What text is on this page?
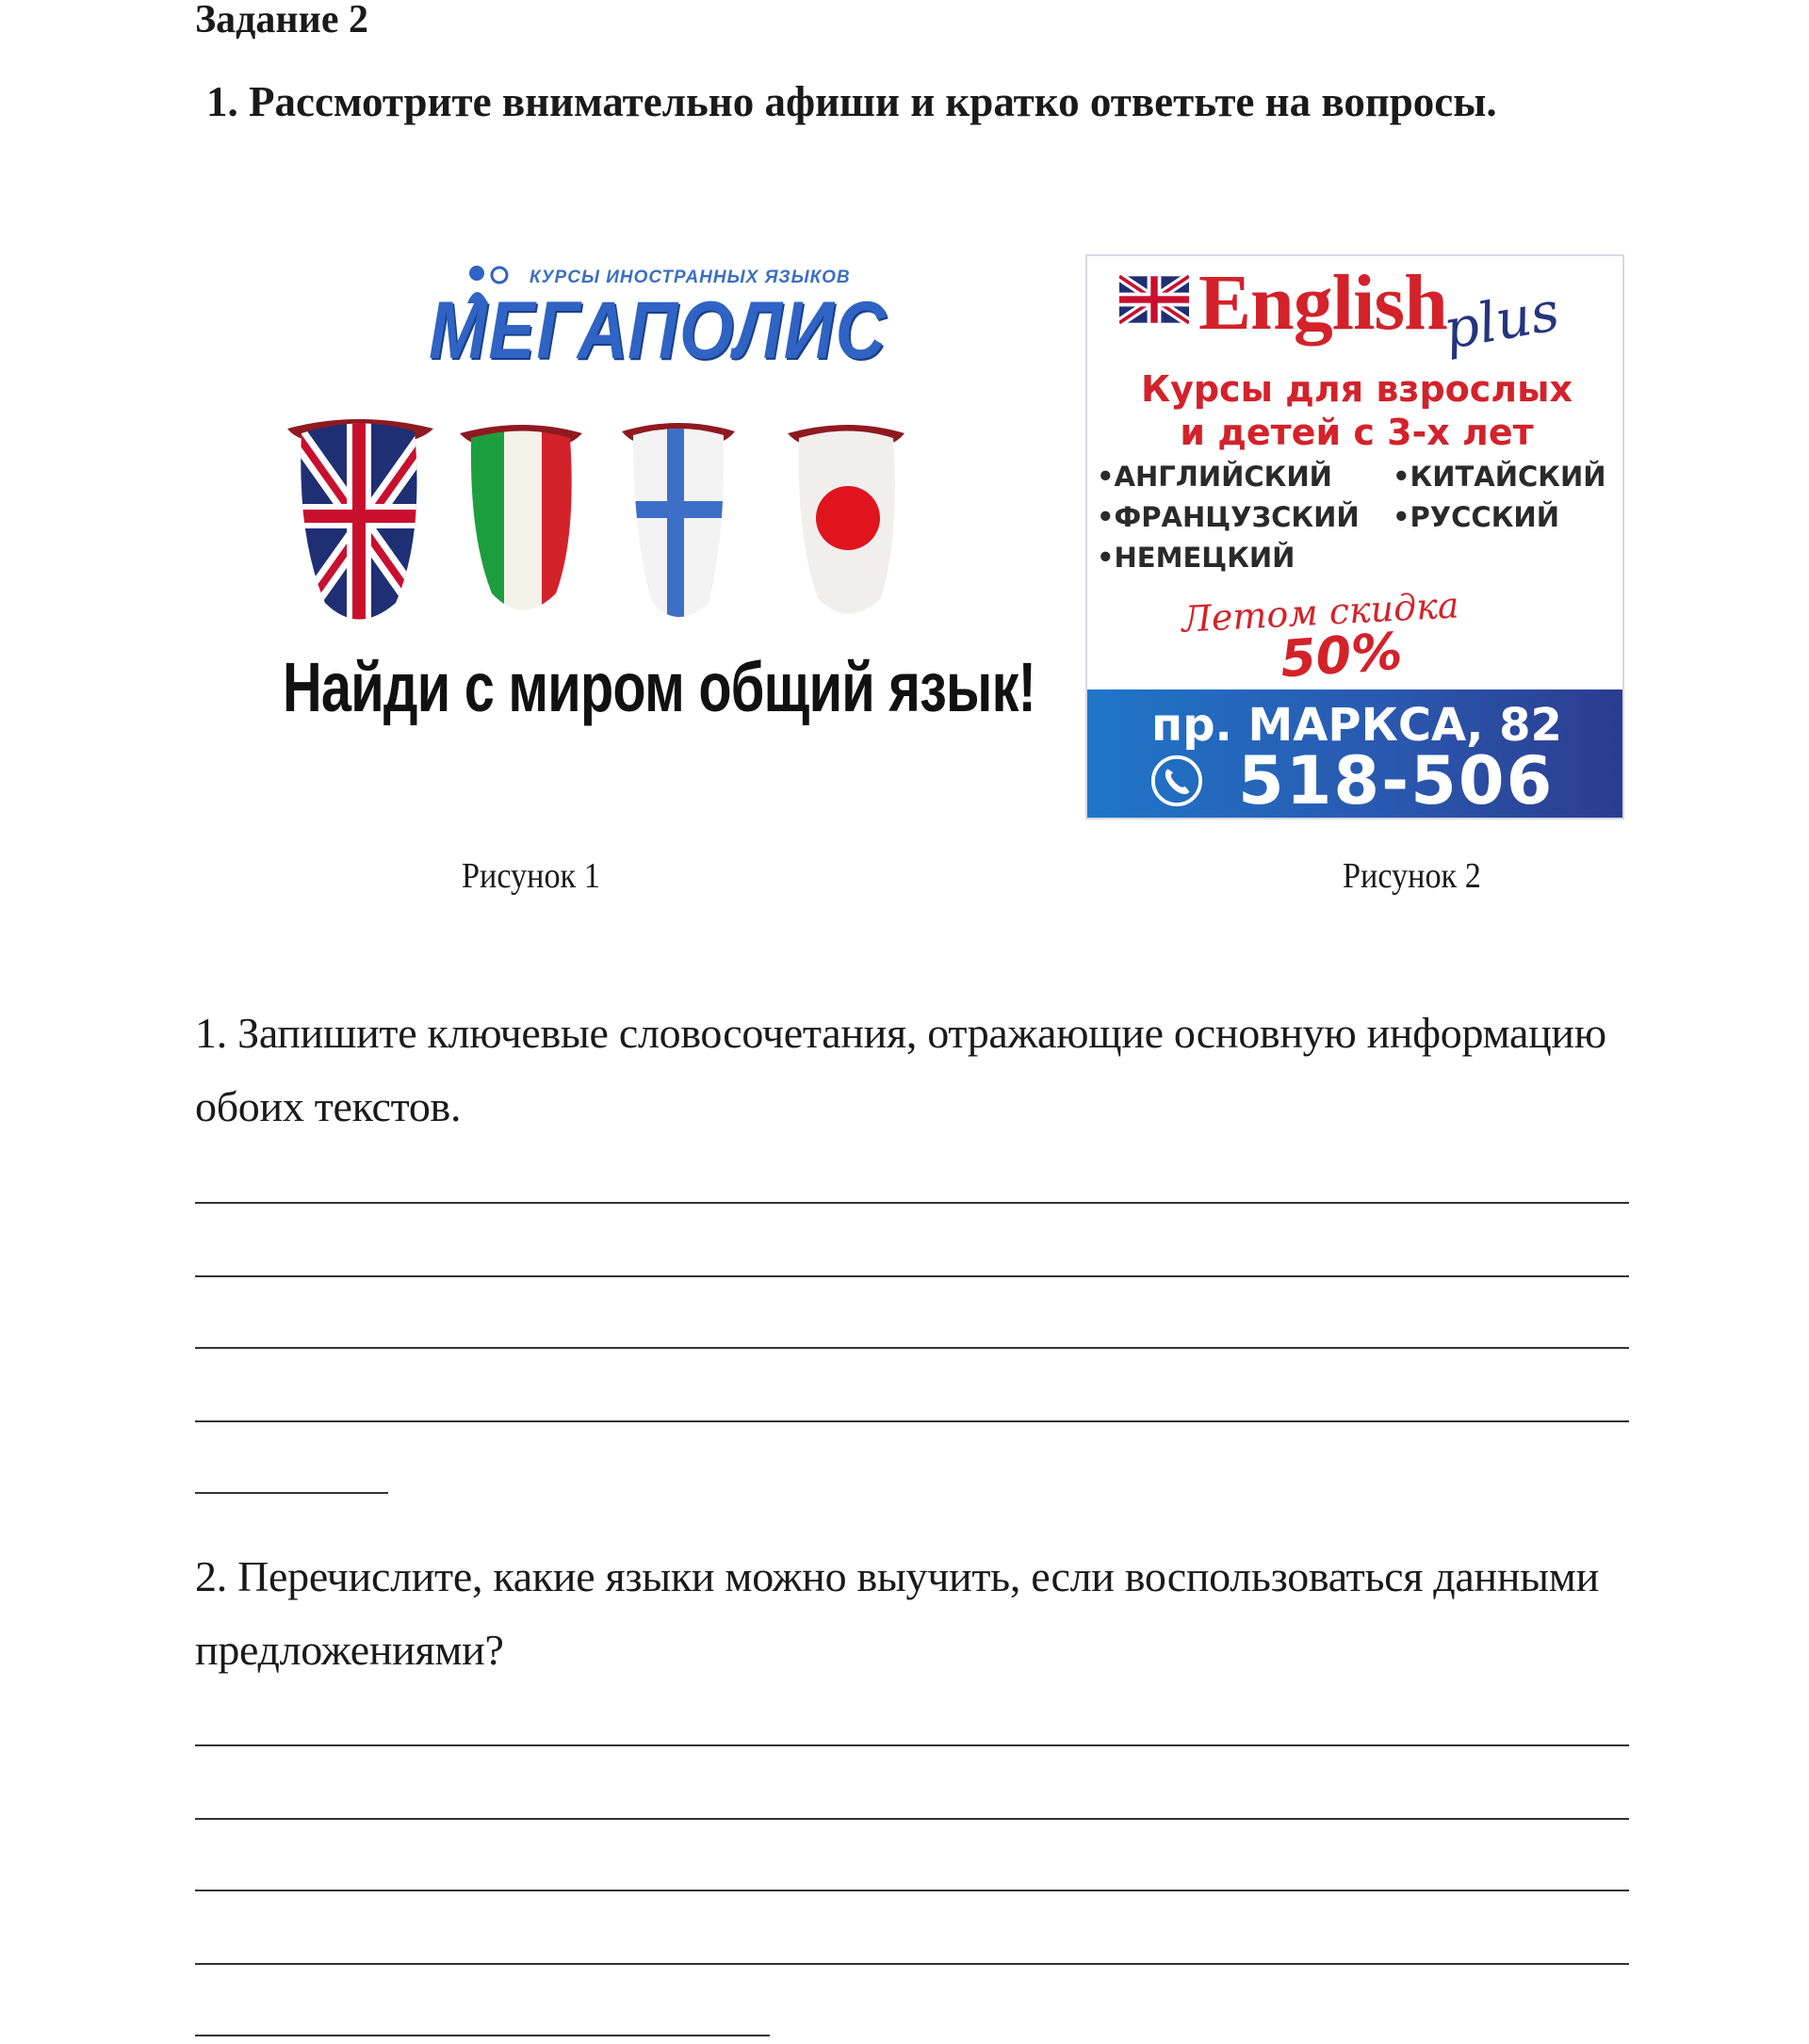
Задание 2
1. Рассмотрите внимательно афиши и кратко ответьте на вопросы.
КУРСЫ ИНОСТРАННЫХ ЯЗЫКОВ
МЕГАПОЛИС
Найди с миром общий язык!
Рисунок 1
English
plus
Курсы для взрослых
и детей с 3-х лет
•АНГЛИЙСКИЙ •КИТАЙСКИЙ
•ФРАНЦУЗСКИЙ •РУССКИЙ
•НЕМЕЦКИЙ
Летом скидка
50%
пр. МАРКСА, 82
518-506
Рисунок 2
1. Запишите ключевые словосочетания, отражающие основную информацию обоих текстов.
2. Перечислите, какие языки можно выучить, если воспользоваться данными предложениями?
